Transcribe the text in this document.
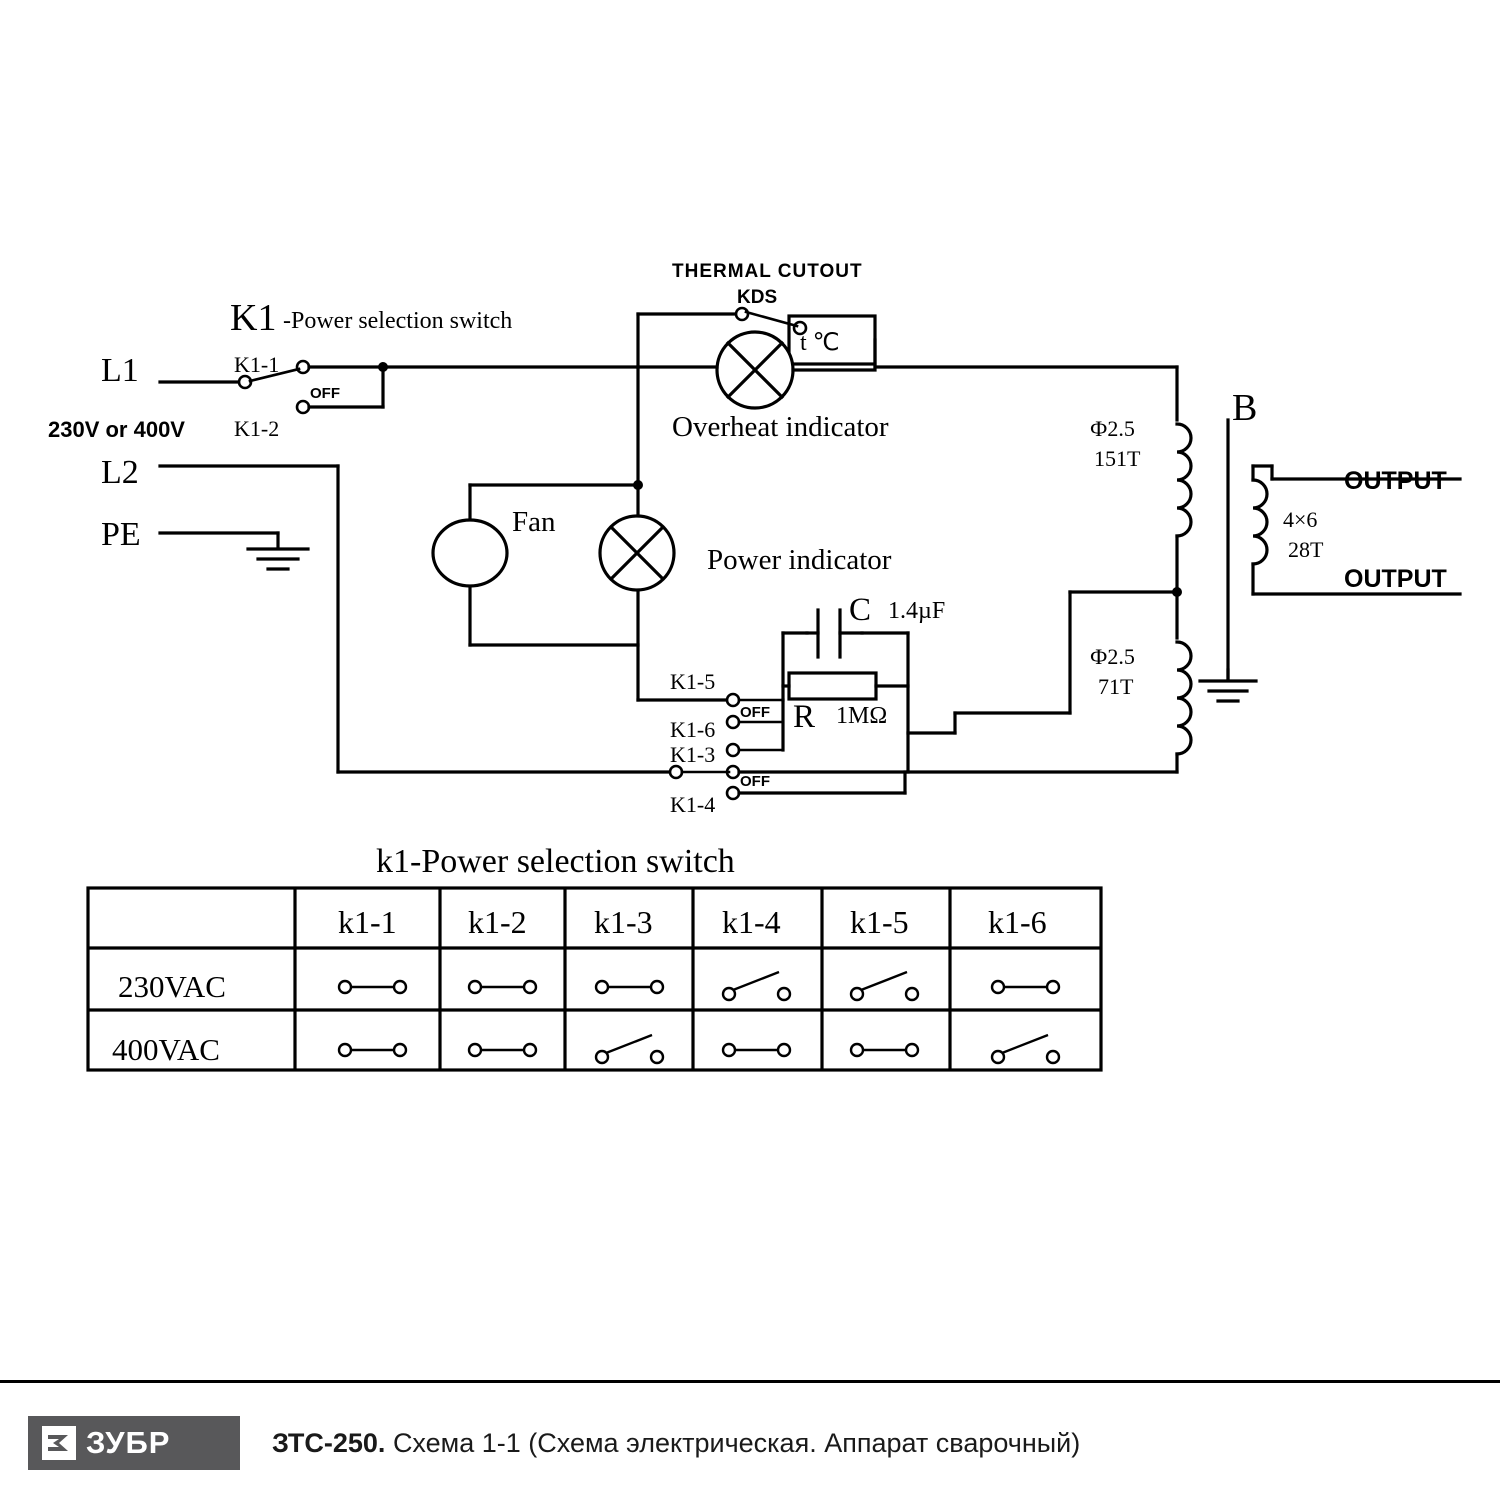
L1
230V or 400V
L2
PE
K1 -Power selection switch
K1-1
K1-2
OFF
THERMAL CUTOUT
KDS
t ℃
Overheat indicator
Fan
Power indicator
C 1.4µF
R 1MΩ
K1-5
K1-6
K1-3
K1-4
OFF
OFF
Ф2.5
151T
Ф2.5
71T
B
4×6
28T
OUTPUT
OUTPUT
k1-Power selection switch
k1-1 k1-2 k1-3 k1-4 k1-5 k1-6
230VAC
400VAC
ЗУБР	ЗТС-250. Схема 1-1 (Схема электрическая. Аппарат сварочный)
